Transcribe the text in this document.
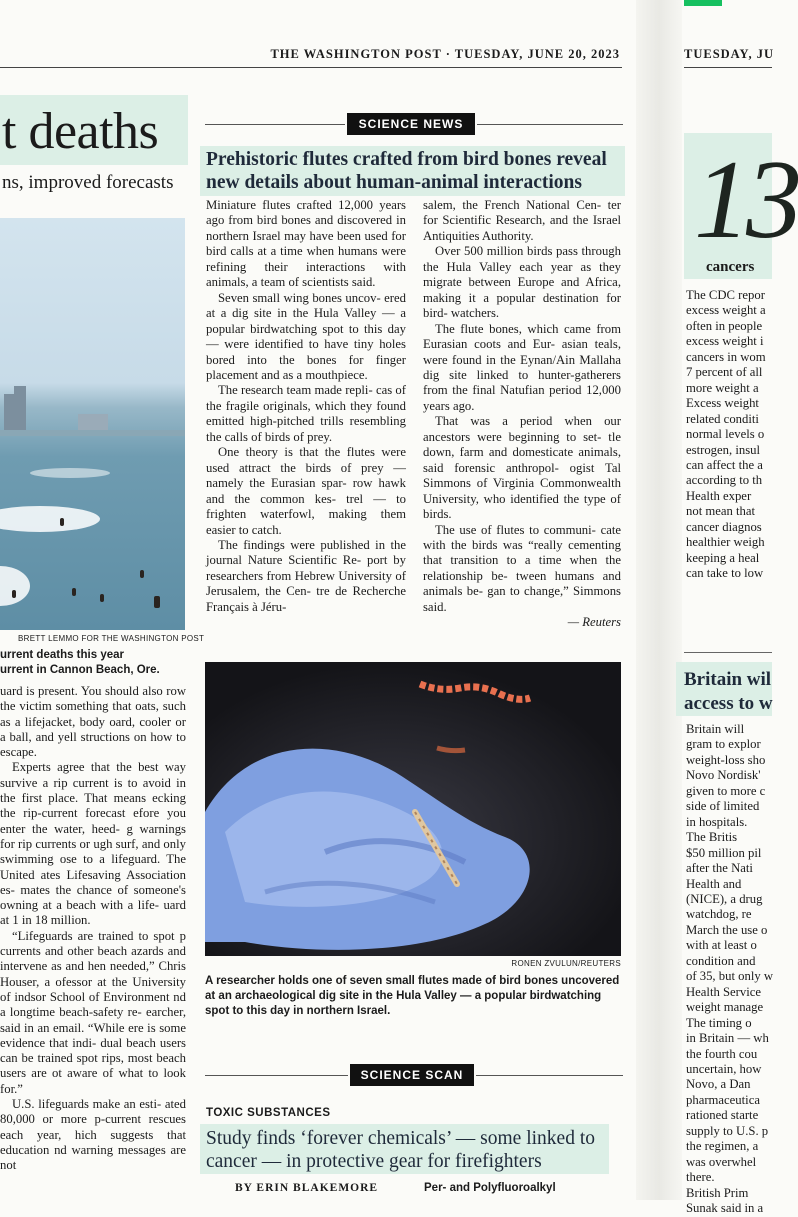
THE WASHINGTON POST · TUESDAY, JUNE 20, 2023	TUESDAY, JU
t deaths
ns, improved forecasts
BRETT LEMMO FOR THE WASHINGTON POST
urrent deaths this year
urrent in Cannon Beach, Ore.

uard is present. You should also row the victim something that oats, such as a lifejacket, body oard, cooler or a ball, and yell structions on how to escape.

Experts agree that the best way survive a rip current is to avoid in the first place. That means ecking the rip-current forecast efore you enter the water, heed- g warnings for rip currents or ugh surf, and only swimming ose to a lifeguard. The United ates Lifesaving Association es- mates the chance of someone's owning at a beach with a life- uard at 1 in 18 million.

“Lifeguards are trained to spot p currents and other beach azards and intervene as and hen needed,” Chris Houser, a ofessor at the University of indsor School of Environment nd a longtime beach-safety re- earcher, said in an email. “While ere is some evidence that indi- dual beach users can be trained spot rips, most beach users are ot aware of what to look for.”

U.S. lifeguards make an esti- ated 80,000 or more p-current rescues each year, hich suggests that education nd warning messages are not

SCIENCE NEWS
Prehistoric flutes crafted from bird bones reveal new details about human-animal interactions

Miniature flutes crafted 12,000 years ago from bird bones and discovered in northern Israel may have been used for bird calls at a time when humans were refining their interactions with animals, a team of scientists said.

Seven small wing bones uncov- ered at a dig site in the Hula Valley — a popular birdwatching spot to this day — were identified to have tiny holes bored into the bones for finger placement and as a mouthpiece.

The research team made repli- cas of the fragile originals, which they found emitted high-pitched trills resembling the calls of birds of prey.

One theory is that the flutes were used attract the birds of prey — namely the Eurasian spar- row hawk and the common kes- trel — to frighten waterfowl, making them easier to catch.

The findings were published in the journal Nature Scientific Re- port by researchers from Hebrew University of Jerusalem, the Cen- tre de Recherche Français à Jéru-

salem, the French National Cen- ter for Scientific Research, and the Israel Antiquities Authority.

Over 500 million birds pass through the Hula Valley each year as they migrate between Europe and Africa, making it a popular destination for bird- watchers.

The flute bones, which came from Eurasian coots and Eur- asian teals, were found in the Eynan/Ain Mallaha dig site linked to hunter-gatherers from the final Natufian period 12,000 years ago.

That was a period when our ancestors were beginning to set- tle down, farm and domesticate animals, said forensic anthropol- ogist Tal Simmons of Virginia Commonwealth University, who identified the type of birds.

The use of flutes to communi- cate with the birds was “really cementing that transition to a time when the relationship be- tween humans and animals be- gan to change,” Simmons said.

— Reuters

RONEN ZVULUN/REUTERS
A researcher holds one of seven small flutes made of bird bones uncovered at an archaeological dig site in the Hula Valley — a popular birdwatching spot to this day in northern Israel.
SCIENCE SCAN
TOXIC SUBSTANCES
Study finds ‘forever chemicals’ — some linked to cancer — in protective gear for firefighters
BY ERIN BLAKEMORE	Per- and Polyfluoroalkyl
13
cancers
The CDC repor
excess weight a
often in people
excess weight i
cancers in wom
7 percent of all
more weight a
Excess weight
related conditi
normal levels o
estrogen, insul
can affect the a
according to th
Health exper
not mean that
cancer diagnos
healthier weigh
keeping a heal
can take to low
Britain wil
access to w
Britain will
gram to explor
weight-loss sho
Novo Nordisk'
given to more c
side of limited
in hospitals.
The Britis
$50 million pil
after the Nati
Health and
(NICE), a drug
watchdog, re
March the use o
with at least o
condition and
of 35, but only w
Health Service
weight manage
The timing o
in Britain — wh
the fourth cou
uncertain, how
Novo, a Dan
pharmaceutica
rationed starte
supply to U.S. p
the regimen, a
was overwhel
there.
British Prim
Sunak said in a
